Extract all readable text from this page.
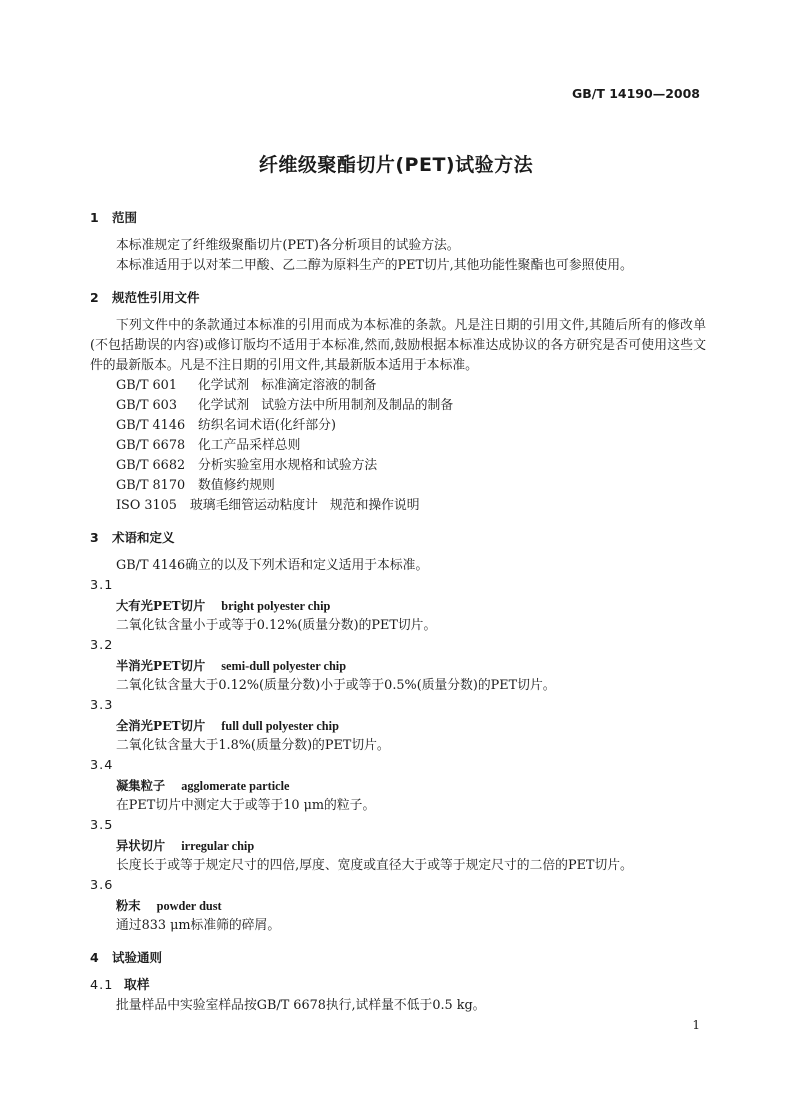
GB/T 14190—2008
纤维级聚酯切片(PET)试验方法
1 范围

本标准规定了纤维级聚酯切片(PET)各分析项目的试验方法。

本标准适用于以对苯二甲酸、乙二醇为原料生产的PET切片,其他功能性聚酯也可参照使用。

2 规范性引用文件

下列文件中的条款通过本标准的引用而成为本标准的条款。凡是注日期的引用文件,其随后所有的修改单(不包括勘误的内容)或修订版均不适用于本标准,然而,鼓励根据本标准达成协议的各方研究是否可使用这些文件的最新版本。凡是不注日期的引用文件,其最新版本适用于本标准。

GB/T 601 化学试剂 标准滴定溶液的制备
GB/T 603 化学试剂 试验方法中所用制剂及制品的制备
GB/T 4146 纺织名词术语(化纤部分)
GB/T 6678 化工产品采样总则
GB/T 6682 分析实验室用水规格和试验方法
GB/T 8170 数值修约规则
ISO 3105 玻璃毛细管运动粘度计 规范和操作说明
3 术语和定义

GB/T 4146确立的以及下列术语和定义适用于本标准。

3.1
大有光PET切片 bright polyester chip

二氧化钛含量小于或等于0.12%(质量分数)的PET切片。

3.2
半消光PET切片 semi-dull polyester chip

二氧化钛含量大于0.12%(质量分数)小于或等于0.5%(质量分数)的PET切片。

3.3
全消光PET切片 full dull polyester chip

二氧化钛含量大于1.8%(质量分数)的PET切片。

3.4
凝集粒子 agglomerate particle

在PET切片中测定大于或等于10 μm的粒子。

3.5
异状切片 irregular chip

长度长于或等于规定尺寸的四倍,厚度、宽度或直径大于或等于规定尺寸的二倍的PET切片。

3.6
粉末 powder dust

通过833 μm标准筛的碎屑。

4 试验通则
4.1 取样

批量样品中实验室样品按GB/T 6678执行,试样量不低于0.5 kg。

1
